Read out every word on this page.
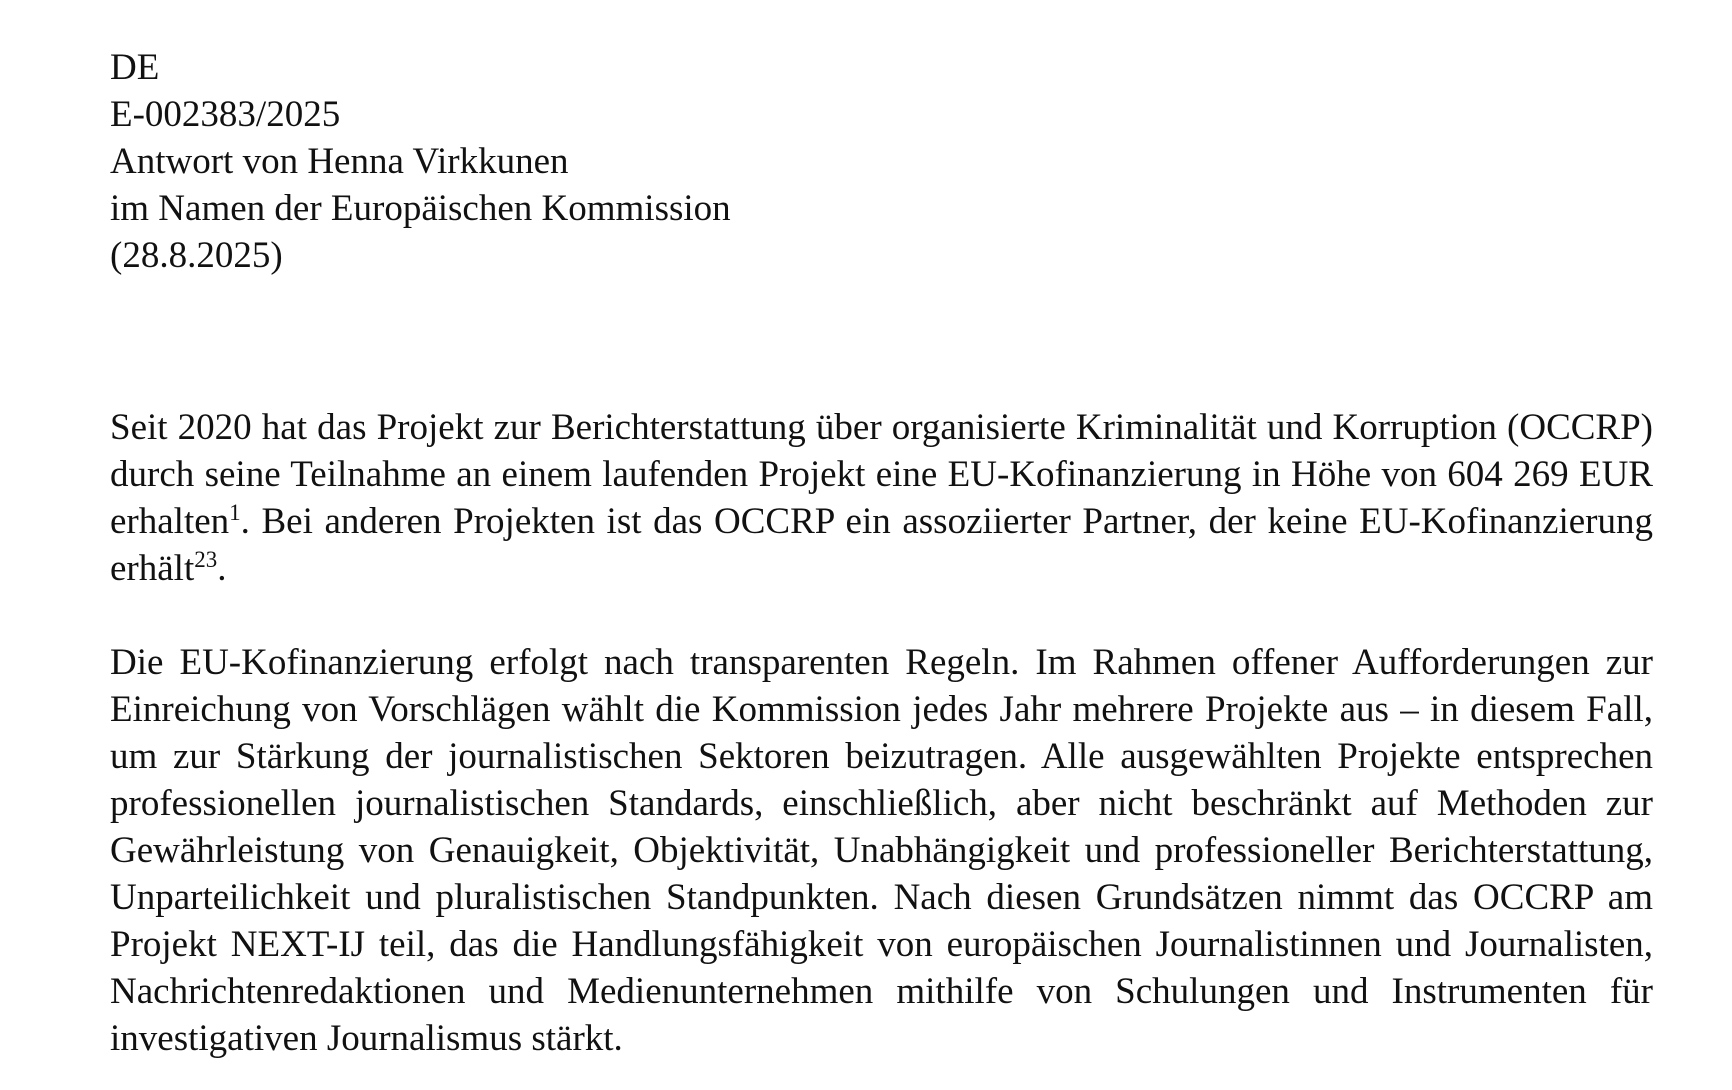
DE

E-002383/2025

Antwort von Henna Virkkunen

im Namen der Europäischen Kommission

(28.8.2025)

Seit 2020 hat das Projekt zur Berichterstattung über organisierte Kriminalität und Korruption (OCCRP) durch seine Teilnahme an einem laufenden Projekt eine EU-Kofinanzierung in Höhe von 604 269 EUR erhalten$^1$. Bei anderen Projekten ist das OCCRP ein assoziierter Partner, der keine EU-Kofinanzierung erhält$^{23}$.

Die EU-Kofinanzierung erfolgt nach transparenten Regeln. Im Rahmen offener Aufforderungen zur Einreichung von Vorschlägen wählt die Kommission jedes Jahr mehrere Projekte aus – in diesem Fall, um zur Stärkung der journalistischen Sektoren beizutragen. Alle ausgewählten Projekte entsprechen professionellen journalistischen Standards, einschließlich, aber nicht beschränkt auf Methoden zur Gewährleistung von Genauigkeit, Objektivität, Unabhängigkeit und professioneller Berichterstattung, Unparteilichkeit und pluralistischen Standpunkten. Nach diesen Grundsätzen nimmt das OCCRP am Projekt NEXT-IJ teil, das die Handlungsfähigkeit von europäischen Journalistinnen und Journalisten, Nachrichtenredaktionen und Medienunternehmen mithilfe von Schulungen und Instrumenten für investigativen Journalismus stärkt.
